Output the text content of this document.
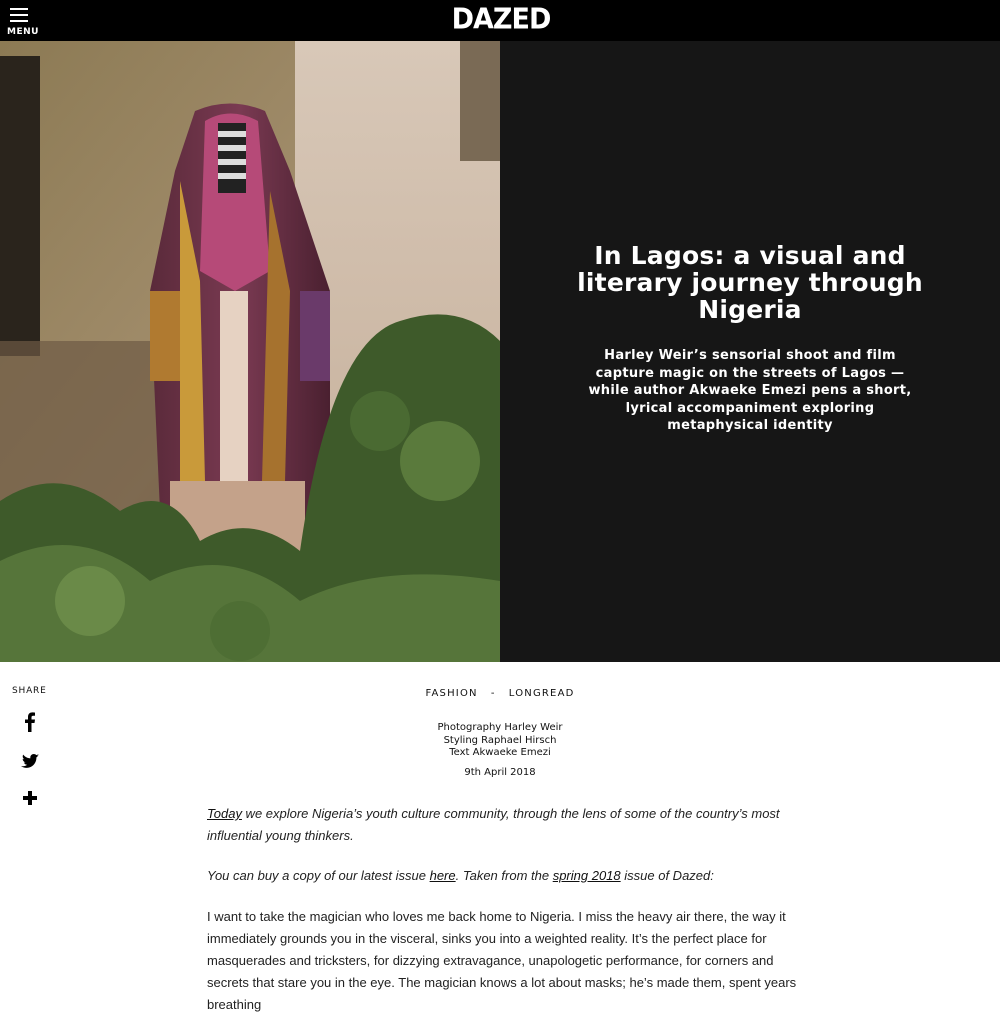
MENU	DAZED
In Lagos: a visual and literary journey through Nigeria

Harley Weir’s sensorial shoot and film capture magic on the streets of Lagos — while author Akwaeke Emezi pens a short, lyrical accompaniment exploring metaphysical identity

SHARE	FASHION - LONGREAD
Photography Harley Weir
Styling Raphael Hirsch
Text Akwaeke Emezi
9th April 2018

Today we explore Nigeria’s youth culture community, through the lens of some of the country’s most influential young thinkers.

You can buy a copy of our latest issue here. Taken from the spring 2018 issue of Dazed:

I want to take the magician who loves me back home to Nigeria. I miss the heavy air there, the way it immediately grounds you in the visceral, sinks you into a weighted reality. It’s the perfect place for masquerades and tricksters, for dizzying extravagance, unapologetic performance, for corners and secrets that stare you in the eye. The magician knows a lot about masks; he’s made them, spent years breathing
